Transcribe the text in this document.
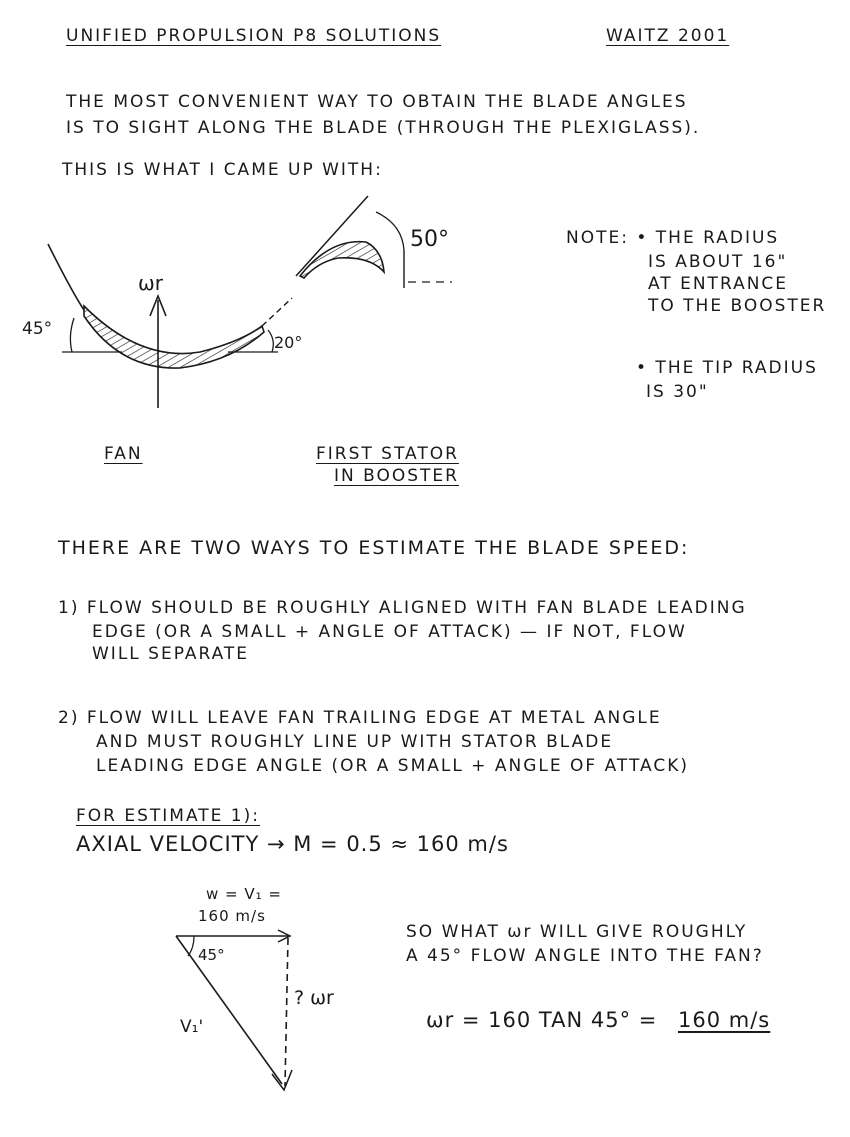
UNIFIED PROPULSION P8 SOLUTIONS	WAITZ 2001
THE MOST CONVENIENT WAY TO OBTAIN THE BLADE ANGLES
IS TO SIGHT ALONG THE BLADE (THROUGH THE PLEXIGLASS).
THIS IS WHAT I CAME UP WITH:
NOTE: • THE RADIUS
IS ABOUT 16"
AT ENTRANCE
TO THE BOOSTER
• THE TIP RADIUS
IS 30"
FAN	FIRST STATOR
IN BOOSTER
THERE ARE TWO WAYS TO ESTIMATE THE BLADE SPEED:
1) FLOW SHOULD BE ROUGHLY ALIGNED WITH FAN BLADE LEADING
EDGE (OR A SMALL + ANGLE OF ATTACK) — IF NOT, FLOW
WILL SEPARATE
2) FLOW WILL LEAVE FAN TRAILING EDGE AT METAL ANGLE
AND MUST ROUGHLY LINE UP WITH STATOR BLADE
LEADING EDGE ANGLE (OR A SMALL + ANGLE OF ATTACK)
FOR ESTIMATE 1):
AXIAL VELOCITY → M = 0.5 ≈ 160 m/s
w = V₁ =
160 m/s
SO WHAT ωr WILL GIVE ROUGHLY
A 45° FLOW ANGLE INTO THE FAN?
ωr = 160 TAN 45° = 160 m/s
ωr
45°
20°
50°
45°
V₁'
? ωr
